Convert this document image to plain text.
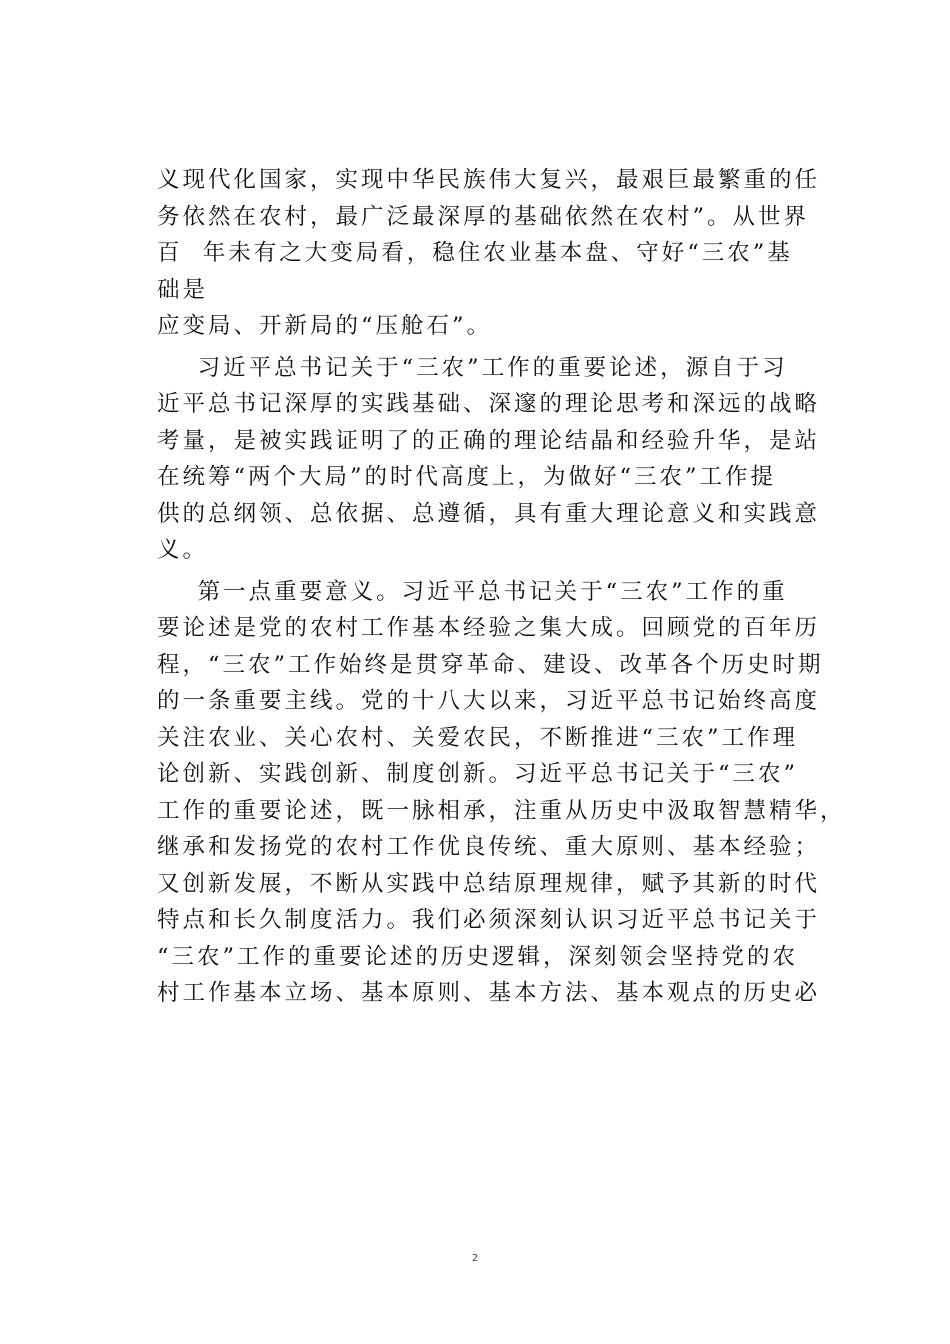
义现代化国家，实现中华民族伟大复兴，最艰巨最繁重的任
务依然在农村，最广泛最深厚的基础依然在农村”。从世界
百  年未有之大变局看，稳住农业基本盘、守好“三农”基
础是
应变局、开新局的“压舱石”。
习近平总书记关于“三农”工作的重要论述，源自于习
近平总书记深厚的实践基础、深邃的理论思考和深远的战略
考量，是被实践证明了的正确的理论结晶和经验升华，是站
在统筹“两个大局”的时代高度上，为做好“三农”工作提
供的总纲领、总依据、总遵循，具有重大理论意义和实践意
义。
第一点重要意义。习近平总书记关于“三农”工作的重
要论述是党的农村工作基本经验之集大成。回顾党的百年历
程，“三农”工作始终是贯穿革命、建设、改革各个历史时期
的一条重要主线。党的十八大以来，习近平总书记始终高度
关注农业、关心农村、关爱农民，不断推进“三农”工作理
论创新、实践创新、制度创新。习近平总书记关于“三农”
工作的重要论述，既一脉相承，注重从历史中汲取智慧精华，
继承和发扬党的农村工作优良传统、重大原则、基本经验；
又创新发展，不断从实践中总结原理规律，赋予其新的时代
特点和长久制度活力。我们必须深刻认识习近平总书记关于
“三农”工作的重要论述的历史逻辑，深刻领会坚持党的农
村工作基本立场、基本原则、基本方法、基本观点的历史必
2
